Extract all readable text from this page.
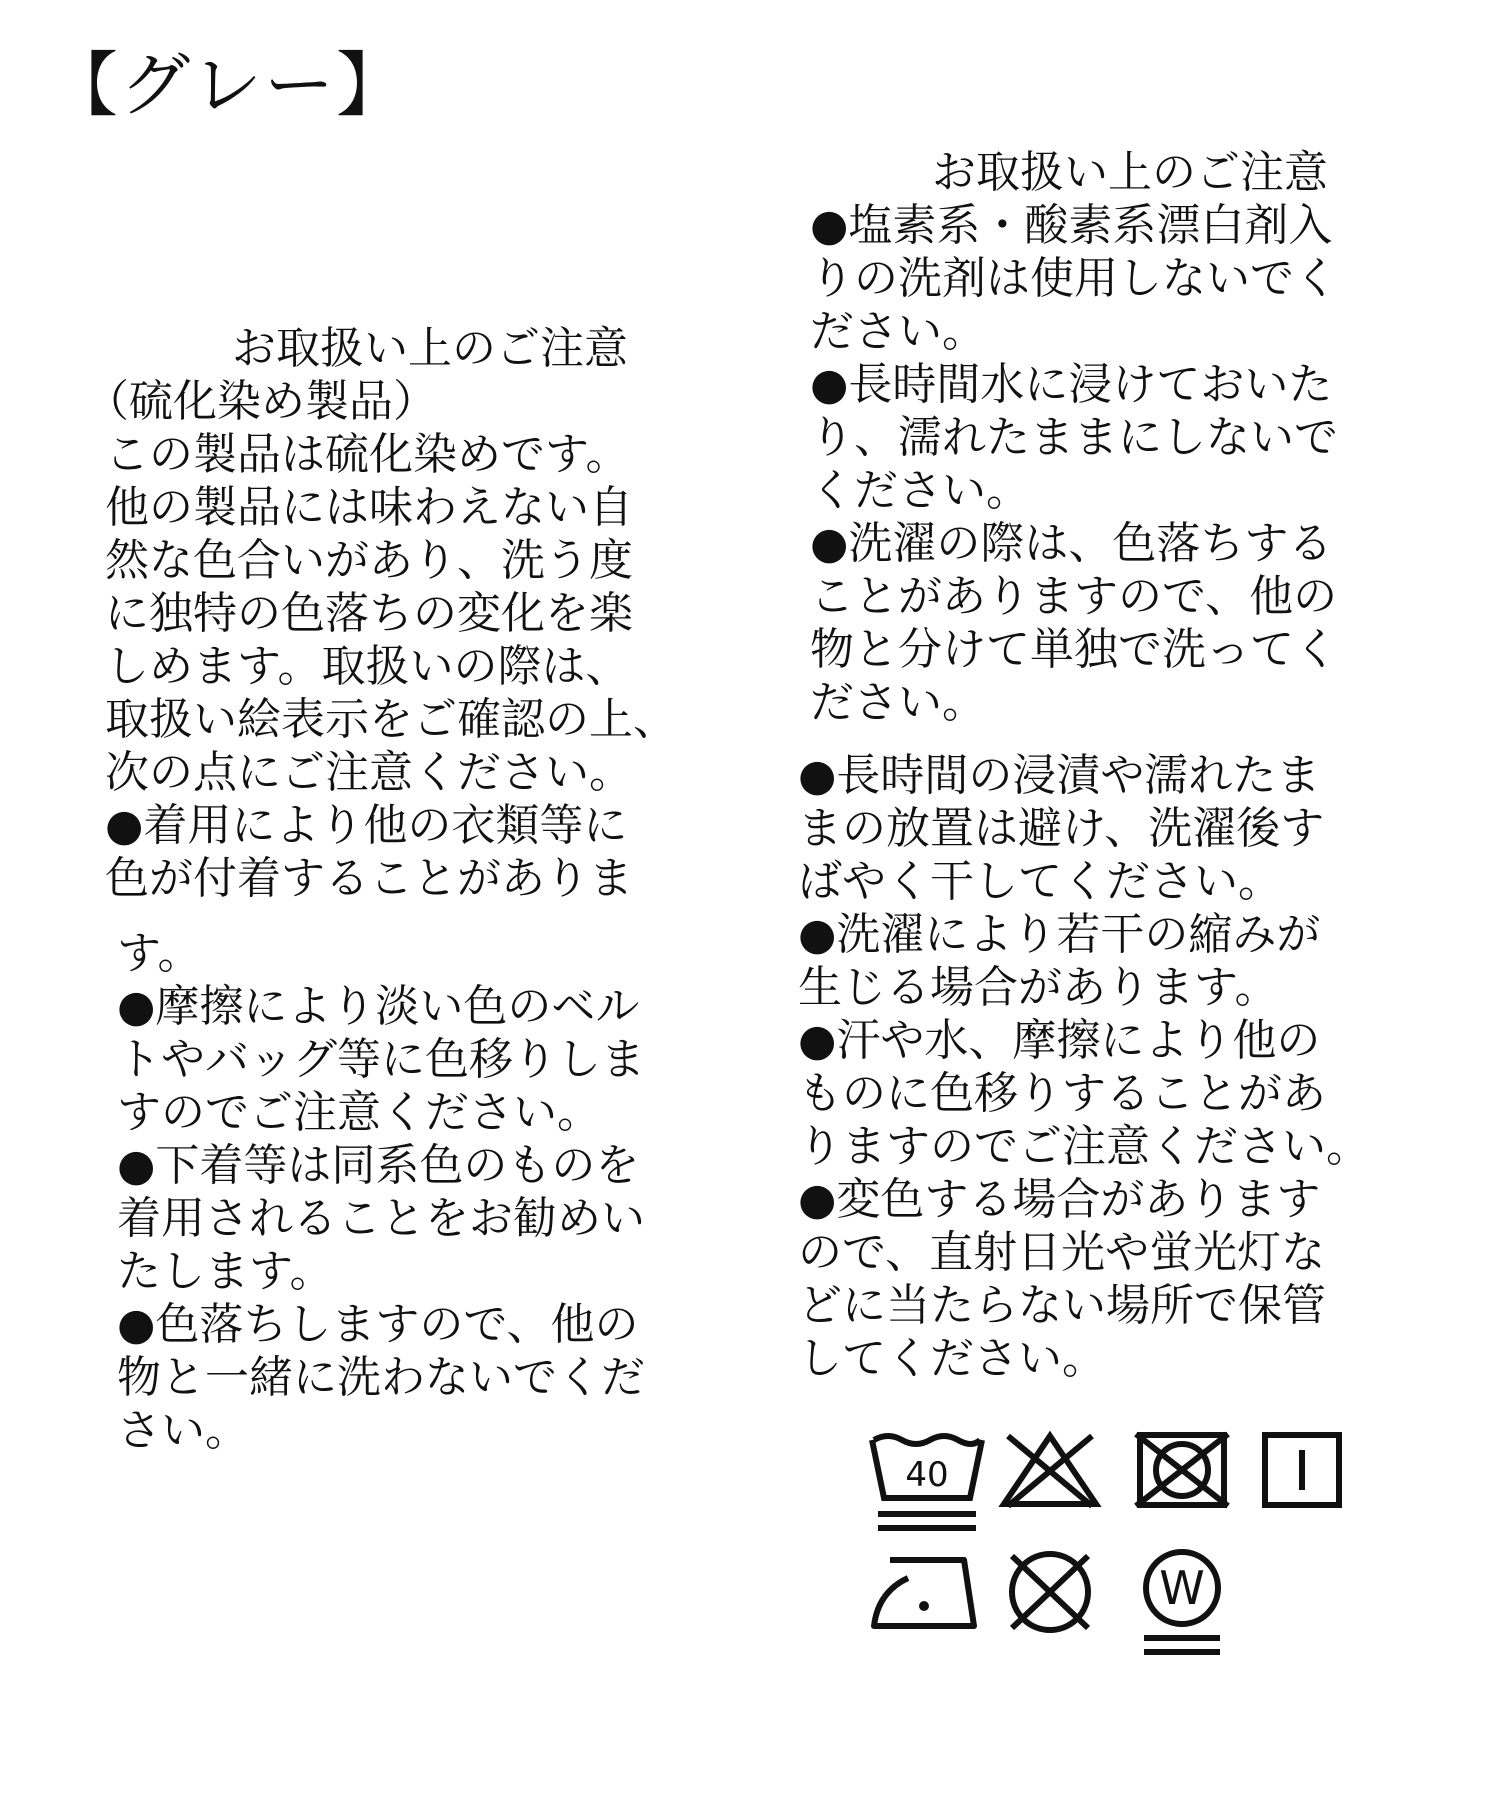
【グレー】

お取扱い上のご注意

（硫化染め製品）

この製品は硫化染めです。

他の製品には味わえない自

然な色合いがあり、洗う度

に独特の色落ちの変化を楽

しめます。取扱いの際は、

取扱い絵表示をご確認の上、

次の点にご注意ください。

●着用により他の衣類等に

色が付着することがありま

す。

●摩擦により淡い色のベル

トやバッグ等に色移りしま

すのでご注意ください。

●下着等は同系色のものを

着用されることをお勧めい

たします。

●色落ちしますので、他の

物と一緒に洗わないでくだ

さい。

お取扱い上のご注意

●塩素系・酸素系漂白剤入

りの洗剤は使用しないでく

ださい。

●長時間水に浸けておいた

り、濡れたままにしないで

ください。

●洗濯の際は、色落ちする

ことがありますので、他の

物と分けて単独で洗ってく

ださい。

●長時間の浸漬や濡れたま

まの放置は避け、洗濯後す

ばやく干してください。

●洗濯により若干の縮みが

生じる場合があります。

●汗や水、摩擦により他の

ものに色移りすることがあ

りますのでご注意ください。

●変色する場合があります

ので、直射日光や蛍光灯な

どに当たらない場所で保管

してください。

40
W
